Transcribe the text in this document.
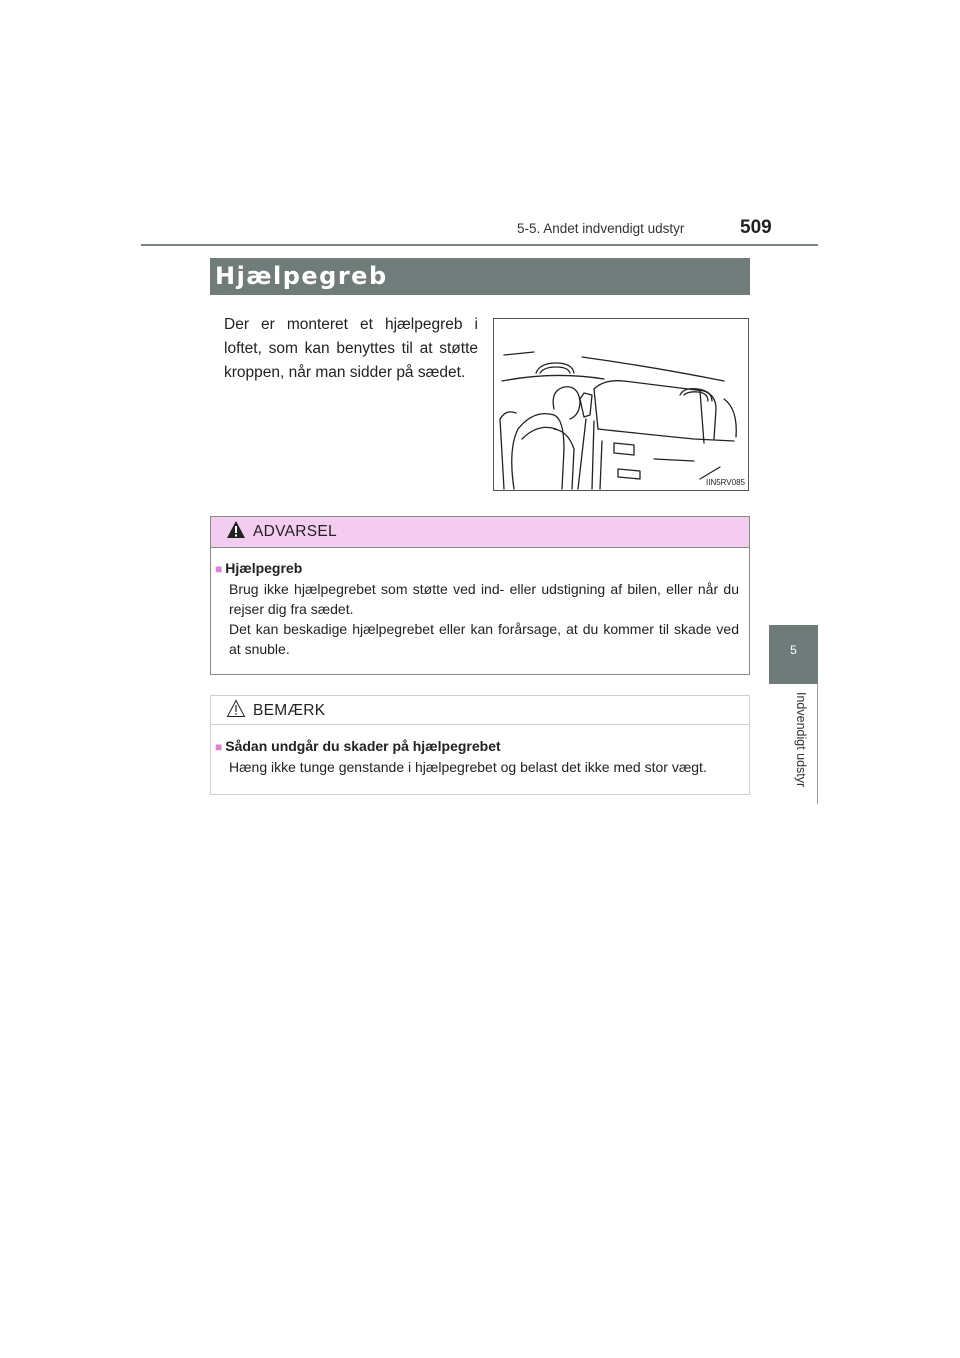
5-5. Andet indvendigt udstyr	509
5
Indvendigt udstyr
Hjælpegreb
Der er monteret et hjælpegreb i loftet, som kan benyttes til at støtte kroppen, når man sidder på sædet.
IIN5RV085
ADVARSEL
■ Hjælpegreb
Brug ikke hjælpegrebet som støtte ved ind- eller udstigning af bilen, eller når du rejser dig fra sædet.
Det kan beskadige hjælpegrebet eller kan forårsage, at du kommer til skade ved at snuble.
BEMÆRK
■ Sådan undgår du skader på hjælpegrebet
Hæng ikke tunge genstande i hjælpegrebet og belast det ikke med stor vægt.
